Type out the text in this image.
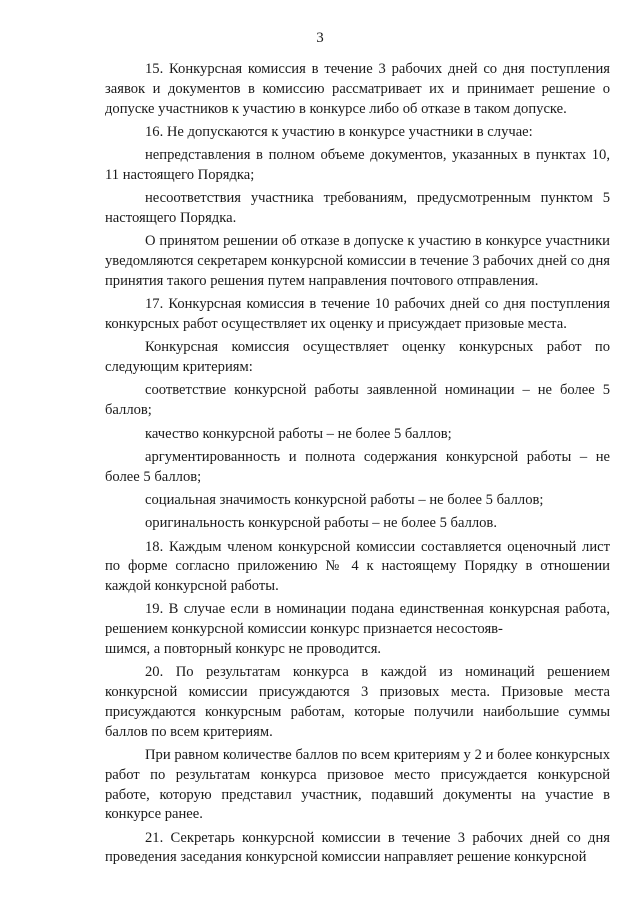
3

15. Конкурсная комиссия в течение 3 рабочих дней со дня поступления заявок и документов в комиссию рассматривает их и принимает решение о допуске участников к участию в конкурсе либо об отказе в таком допуске.

16. Не допускаются к участию в конкурсе участники в случае:

непредставления в полном объеме документов, указанных в пунктах 10, 11 настоящего Порядка;

несоответствия участника требованиям, предусмотренным пунктом 5 настоящего Порядка.

О принятом решении об отказе в допуске к участию в конкурсе участники уведомляются секретарем конкурсной комиссии в течение 3 рабочих дней со дня принятия такого решения путем направления почтового отправления.

17. Конкурсная комиссия в течение 10 рабочих дней со дня поступления конкурсных работ осуществляет их оценку и присуждает призовые места.

Конкурсная комиссия осуществляет оценку конкурсных работ по следующим критериям:

соответствие конкурсной работы заявленной номинации – не более 5 баллов;

качество конкурсной работы – не более 5 баллов;

аргументированность и полнота содержания конкурсной работы – не более 5 баллов;

социальная значимость конкурсной работы – не более 5 баллов;

оригинальность конкурсной работы – не более 5 баллов.

18. Каждым членом конкурсной комиссии составляется оценочный лист по форме согласно приложению № 4 к настоящему Порядку в отношении каждой конкурсной работы.

19. В случае если в номинации подана единственная конкурсная работа, решением конкурсной комиссии конкурс признается несостояв-
шимся, а повторный конкурс не проводится.

20. По результатам конкурса в каждой из номинаций решением конкурсной комиссии присуждаются 3 призовых места. Призовые места присуждаются конкурсным работам, которые получили наибольшие суммы баллов по всем критериям.

При равном количестве баллов по всем критериям у 2 и более конкурсных работ по результатам конкурса призовое место присуждается конкурсной работе, которую представил участник, подавший документы на участие в конкурсе ранее.

21. Секретарь конкурсной комиссии в течение 3 рабочих дней со дня проведения заседания конкурсной комиссии направляет решение конкурсной
